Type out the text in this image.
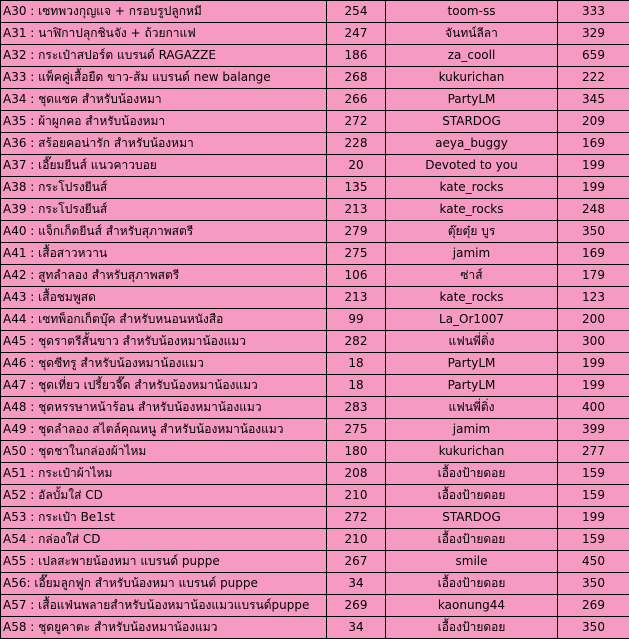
A30 : เซทพวงกุญแจ + กรอบรูปลูกหมี	254	toom-ss	333
A31 : นาฬิกาปลุกชินจัง + ถ้วยกาแฟ	247	จันทน์ลีลา	329
A32 : กระเป๋าสปอร์ต แบรนด์ RAGAZZE	186	za_cooll	659
A33 : แพ็คคู่เสื้อยืด ขาว-ส้ม แบรนด์ new balange	268	kukurichan	222
A34 : ชุดแซค สำหรับน้องหมา	266	PartyLM	345
A35 : ผ้าผูกคอ สำหรับน้องหมา	272	STARDOG	209
A36 : สร้อยคอน่ารัก สำหรับน้องหมา	228	aeya_buggy	169
A37 : เอี๊ยมยีนส์ แนวคาวบอย	20	Devoted to you	199
A38 : กระโปรงยีนส์	135	kate_rocks	199
A39 : กระโปรงยีนส์	213	kate_rocks	248
A40 : แจ็กเก็ตยีนส์ สำหรับสุภาพสตรี	279	ตุ๊ยตุ๋ย บูร	350
A41 : เสื้อสาวหวาน	275	jamim	169
A42 : สูทลำลอง สำหรับสุภาพสตรี	106	ซ่าส์	179
A43 : เสื้อชมพูสด	213	kate_rocks	123
A44 : เซทพ็อกเก็ตบุ๊ค สำหรับหนอนหนังสือ	99	La_Or1007	200
A45 : ชุดราตรีสั้นขาว สำหรับน้องหมาน้องแมว	282	แฟนพี่ติ่ง	300
A46 : ชุดซีทรู สำหรับน้องหมาน้องแมว	18	PartyLM	199
A47 : ชุดเที่ยว เปรี้ยวจี๊ด สำหรับน้องหมาน้องแมว	18	PartyLM	199
A48 : ชุดหรรษาหน้าร้อน สำหรับน้องหมาน้องแมว	283	แฟนพี่ติ่ง	400
A49 : ชุดลำลอง สไตล์คุณหนู สำหรับน้องหมาน้องแมว	275	jamim	399
A50 : ชุดชาในกล่องผ้าไหม	180	kukurichan	277
A51 : กระเป๋าผ้าไหม	208	เอื้องป้ายดอย	159
A52 : อัลบั้มใส่ CD	210	เอื้องป้ายดอย	159
A53 : กระเป๋า Be1st	272	STARDOG	199
A54 : กล่องใส่ CD	210	เอื้องป้ายดอย	159
A55 : เปลสะพายน้องหมา แบรนด์ puppe	267	smile	450
A56: เอี๊ยมลูกฟูก สำหรับน้องหมา แบรนด์ puppe	34	เอื้องป้ายดอย	350
A57 : เสื้อแฟ่นพลายสำหรับน้องหมาน้องแมวแบรนด์puppe	269	kaonung44	269
A58 : ชุดยูคาตะ สำหรับน้องหมาน้องแมว	34	เอื้องป้ายดอย	350
